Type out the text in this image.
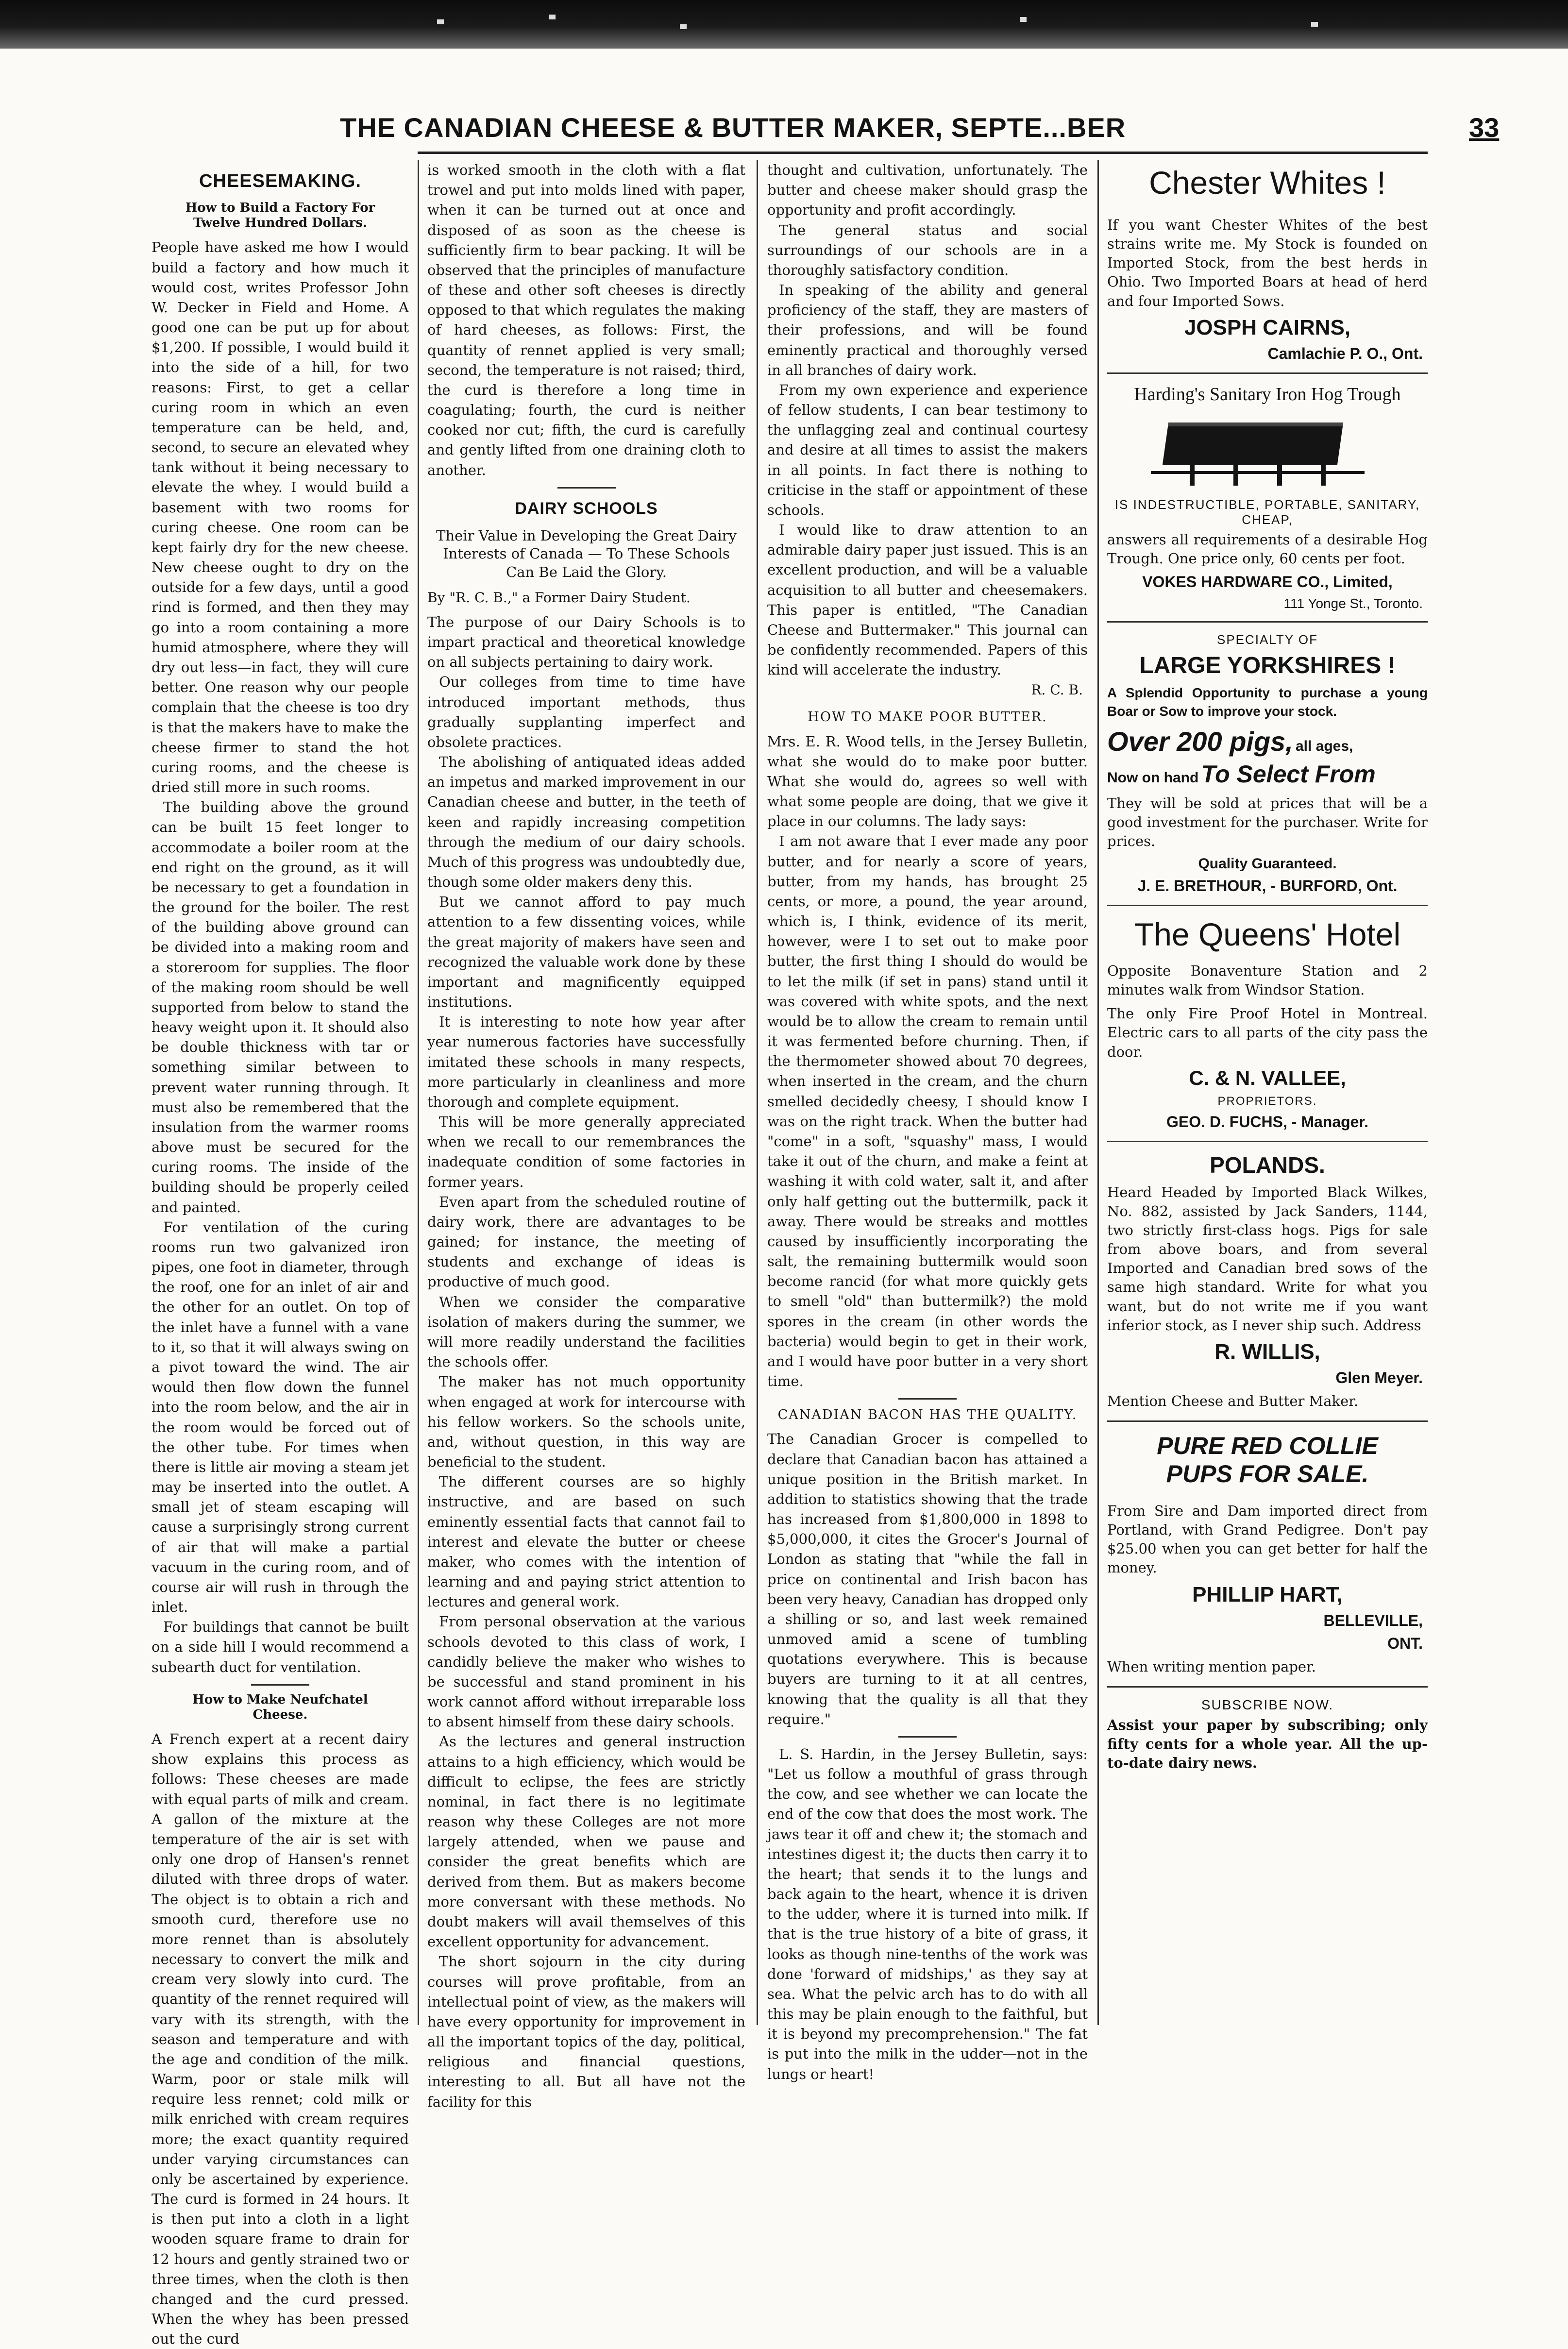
THE CANADIAN CHEESE & BUTTER MAKER, SEPTE...BER	33
CHEESEMAKING.
How to Build a Factory For Twelve Hundred Dollars.

People have asked me how I would build a factory and how much it would cost, writes Professor John W. Decker in Field and Home. A good one can be put up for about $1,200. If possible, I would build it into the side of a hill, for two reasons: First, to get a cellar curing room in which an even temperature can be held, and, second, to secure an elevated whey tank without it being necessary to elevate the whey. I would build a basement with two rooms for curing cheese. One room can be kept fairly dry for the new cheese. New cheese ought to dry on the outside for a few days, until a good rind is formed, and then they may go into a room containing a more humid atmosphere, where they will dry out less—in fact, they will cure better. One reason why our people complain that the cheese is too dry is that the makers have to make the cheese firmer to stand the hot curing rooms, and the cheese is dried still more in such rooms.

The building above the ground can be built 15 feet longer to accommodate a boiler room at the end right on the ground, as it will be necessary to get a foundation in the ground for the boiler. The rest of the building above ground can be divided into a making room and a storeroom for supplies. The floor of the making room should be well supported from below to stand the heavy weight upon it. It should also be double thickness with tar or something similar between to prevent water running through. It must also be remembered that the insulation from the warmer rooms above must be secured for the curing rooms. The inside of the building should be properly ceiled and painted.

For ventilation of the curing rooms run two galvanized iron pipes, one foot in diameter, through the roof, one for an inlet of air and the other for an outlet. On top of the inlet have a funnel with a vane to it, so that it will always swing on a pivot toward the wind. The air would then flow down the funnel into the room below, and the air in the room would be forced out of the other tube. For times when there is little air moving a steam jet may be inserted into the outlet. A small jet of steam escaping will cause a surprisingly strong current of air that will make a partial vacuum in the curing room, and of course air will rush in through the inlet.

For buildings that cannot be built on a side hill I would recommend a subearth duct for ventilation.

How to Make Neufchatel Cheese.

A French expert at a recent dairy show explains this process as follows: These cheeses are made with equal parts of milk and cream. A gallon of the mixture at the temperature of the air is set with only one drop of Hansen's rennet diluted with three drops of water. The object is to obtain a rich and smooth curd, therefore use no more rennet than is absolutely necessary to convert the milk and cream very slowly into curd. The quantity of the rennet required will vary with its strength, with the season and temperature and with the age and condition of the milk. Warm, poor or stale milk will require less rennet; cold milk or milk enriched with cream requires more; the exact quantity required under varying circumstances can only be ascertained by experience. The curd is formed in 24 hours. It is then put into a cloth in a light wooden square frame to drain for 12 hours and gently strained two or three times, when the cloth is then changed and the curd pressed. When the whey has been pressed out the curd

is worked smooth in the cloth with a flat trowel and put into molds lined with paper, when it can be turned out at once and disposed of as soon as the cheese is sufficiently firm to bear packing. It will be observed that the principles of manufacture of these and other soft cheeses is directly opposed to that which regulates the making of hard cheeses, as follows: First, the quantity of rennet applied is very small; second, the temperature is not raised; third, the curd is therefore a long time in coagulating; fourth, the curd is neither cooked nor cut; fifth, the curd is carefully and gently lifted from one draining cloth to another.

DAIRY SCHOOLS
Their Value in Developing the Great Dairy Interests of Canada — To These Schools Can Be Laid the Glory.

By "R. C. B.," a Former Dairy Student.

The purpose of our Dairy Schools is to impart practical and theoretical knowledge on all subjects pertaining to dairy work.

Our colleges from time to time have introduced important methods, thus gradually supplanting imperfect and obsolete practices.

The abolishing of antiquated ideas added an impetus and marked improvement in our Canadian cheese and butter, in the teeth of keen and rapidly increasing competition through the medium of our dairy schools. Much of this progress was undoubtedly due, though some older makers deny this.

But we cannot afford to pay much attention to a few dissenting voices, while the great majority of makers have seen and recognized the valuable work done by these important and magnificently equipped institutions.

It is interesting to note how year after year numerous factories have successfully imitated these schools in many respects, more particularly in cleanliness and more thorough and complete equipment.

This will be more generally appreciated when we recall to our remembrances the inadequate condition of some factories in former years.

Even apart from the scheduled routine of dairy work, there are advantages to be gained; for instance, the meeting of students and exchange of ideas is productive of much good.

When we consider the comparative isolation of makers during the summer, we will more readily understand the facilities the schools offer.

The maker has not much opportunity when engaged at work for intercourse with his fellow workers. So the schools unite, and, without question, in this way are beneficial to the student.

The different courses are so highly instructive, and are based on such eminently essential facts that cannot fail to interest and elevate the butter or cheese maker, who comes with the intention of learning and and paying strict attention to lectures and general work.

From personal observation at the various schools devoted to this class of work, I candidly believe the maker who wishes to be successful and stand prominent in his work cannot afford without irreparable loss to absent himself from these dairy schools.

As the lectures and general instruction attains to a high efficiency, which would be difficult to eclipse, the fees are strictly nominal, in fact there is no legitimate reason why these Colleges are not more largely attended, when we pause and consider the great benefits which are derived from them. But as makers become more conversant with these methods. No doubt makers will avail themselves of this excellent opportunity for advancement.

The short sojourn in the city during courses will prove profitable, from an intellectual point of view, as the makers will have every opportunity for improvement in all the important topics of the day, political, religious and financial questions, interesting to all. But all have not the facility for this

thought and cultivation, unfortunately. The butter and cheese maker should grasp the opportunity and profit accordingly.

The general status and social surroundings of our schools are in a thoroughly satisfactory condition.

In speaking of the ability and general proficiency of the staff, they are masters of their professions, and will be found eminently practical and thoroughly versed in all branches of dairy work.

From my own experience and experience of fellow students, I can bear testimony to the unflagging zeal and continual courtesy and desire at all times to assist the makers in all points. In fact there is nothing to criticise in the staff or appointment of these schools.

I would like to draw attention to an admirable dairy paper just issued. This is an excellent production, and will be a valuable acquisition to all butter and cheesemakers. This paper is entitled, "The Canadian Cheese and Buttermaker." This journal can be confidently recommended. Papers of this kind will accelerate the industry.

R. C. B.

HOW TO MAKE POOR BUTTER.

Mrs. E. R. Wood tells, in the Jersey Bulletin, what she would do to make poor butter. What she would do, agrees so well with what some people are doing, that we give it place in our columns. The lady says:

I am not aware that I ever made any poor butter, and for nearly a score of years, butter, from my hands, has brought 25 cents, or more, a pound, the year around, which is, I think, evidence of its merit, however, were I to set out to make poor butter, the first thing I should do would be to let the milk (if set in pans) stand until it was covered with white spots, and the next would be to allow the cream to remain until it was fermented before churning. Then, if the thermometer showed about 70 degrees, when inserted in the cream, and the churn smelled decidedly cheesy, I should know I was on the right track. When the butter had "come" in a soft, "squashy" mass, I would take it out of the churn, and make a feint at washing it with cold water, salt it, and after only half getting out the buttermilk, pack it away. There would be streaks and mottles caused by insufficiently incorporating the salt, the remaining buttermilk would soon become rancid (for what more quickly gets to smell "old" than buttermilk?) the mold spores in the cream (in other words the bacteria) would begin to get in their work, and I would have poor butter in a very short time.

CANADIAN BACON HAS THE QUALITY.

The Canadian Grocer is compelled to declare that Canadian bacon has attained a unique position in the British market. In addition to statistics showing that the trade has increased from $1,800,000 in 1898 to $5,000,000, it cites the Grocer's Journal of London as stating that "while the fall in price on continental and Irish bacon has been very heavy, Canadian has dropped only a shilling or so, and last week remained unmoved amid a scene of tumbling quotations everywhere. This is because buyers are turning to it at all centres, knowing that the quality is all that they require."

L. S. Hardin, in the Jersey Bulletin, says: "Let us follow a mouthful of grass through the cow, and see whether we can locate the end of the cow that does the most work. The jaws tear it off and chew it; the stomach and intestines digest it; the ducts then carry it to the heart; that sends it to the lungs and back again to the heart, whence it is driven to the udder, where it is turned into milk. If that is the true history of a bite of grass, it looks as though nine-tenths of the work was done 'forward of midships,' as they say at sea. What the pelvic arch has to do with all this may be plain enough to the faithful, but it is beyond my precomprehension." The fat is put into the milk in the udder—not in the lungs or heart!

Chester Whites !

If you want Chester Whites of the best strains write me. My Stock is founded on Imported Stock, from the best herds in Ohio. Two Imported Boars at head of herd and four Imported Sows.

JOSPH CAIRNS,
Camlachie P. O., Ont.
Harding's Sanitary Iron Hog Trough
IS INDESTRUCTIBLE, PORTABLE, SANITARY, CHEAP,

answers all requirements of a desirable Hog Trough. One price only, 60 cents per foot.

VOKES HARDWARE CO., Limited,
111 Yonge St., Toronto.
SPECIALTY OF
LARGE YORKSHIRES !

A Splendid Opportunity to purchase a young Boar or Sow to improve your stock.

Over 200 pigs, all ages,
Now on hand To Select From

They will be sold at prices that will be a good investment for the purchaser. Write for prices.

Quality Guaranteed.
J. E. BRETHOUR, - BURFORD, Ont.
The Queens' Hotel

Opposite Bonaventure Station and 2 minutes walk from Windsor Station.

The only Fire Proof Hotel in Montreal. Electric cars to all parts of the city pass the door.

C. & N. VALLEE,
PROPRIETORS.
GEO. D. FUCHS, - Manager.
POLANDS.

Heard Headed by Imported Black Wilkes, No. 882, assisted by Jack Sanders, 1144, two strictly first-class hogs. Pigs for sale from above boars, and from several Imported and Canadian bred sows of the same high standard. Write for what you want, but do not write me if you want inferior stock, as I never ship such. Address

R. WILLIS,
Glen Meyer.

Mention Cheese and Butter Maker.

PURE RED COLLIE
PUPS FOR SALE.

From Sire and Dam imported direct from Portland, with Grand Pedigree. Don't pay $25.00 when you can get better for half the money.

PHILLIP HART,
BELLEVILLE,
ONT.

When writing mention paper.

SUBSCRIBE NOW.

Assist your paper by subscribing; only fifty cents for a whole year. All the up-to-date dairy news.
